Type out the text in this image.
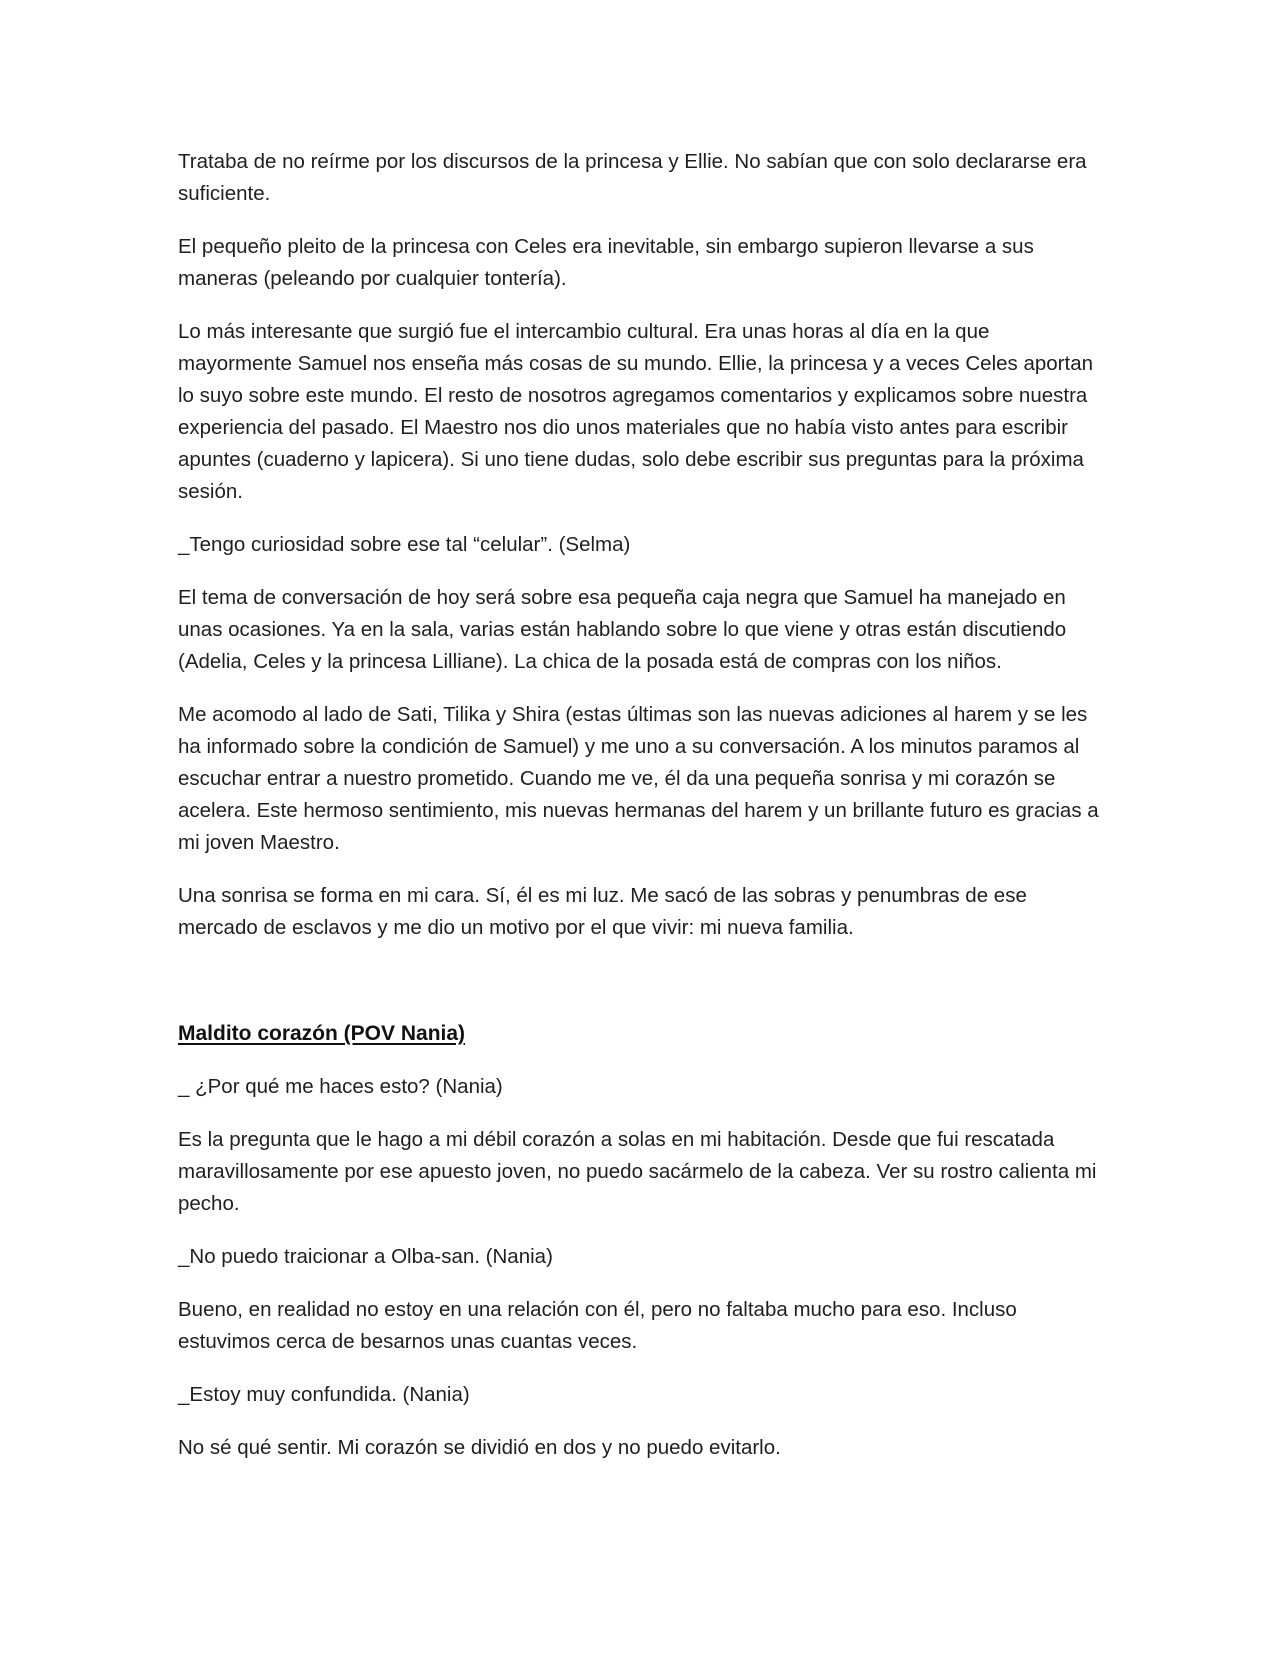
Trataba de no reírme por los discursos de la princesa y Ellie. No sabían que con solo declararse era suficiente.

El pequeño pleito de la princesa con Celes era inevitable, sin embargo supieron llevarse a sus maneras (peleando por cualquier tontería).

Lo más interesante que surgió fue el intercambio cultural. Era unas horas al día en la que mayormente Samuel nos enseña más cosas de su mundo. Ellie, la princesa y a veces Celes aportan lo suyo sobre este mundo. El resto de nosotros agregamos comentarios y explicamos sobre nuestra experiencia del pasado. El Maestro nos dio unos materiales que no había visto antes para escribir apuntes (cuaderno y lapicera). Si uno tiene dudas, solo debe escribir sus preguntas para la próxima sesión.

_Tengo curiosidad sobre ese tal “celular”. (Selma)

El tema de conversación de hoy será sobre esa pequeña caja negra que Samuel ha manejado en unas ocasiones. Ya en la sala, varias están hablando sobre lo que viene y otras están discutiendo (Adelia, Celes y la princesa Lilliane). La chica de la posada está de compras con los niños.

Me acomodo al lado de Sati, Tilika y Shira (estas últimas son las nuevas adiciones al harem y se les ha informado sobre la condición de Samuel) y me uno a su conversación. A los minutos paramos al escuchar entrar a nuestro prometido. Cuando me ve, él da una pequeña sonrisa y mi corazón se acelera. Este hermoso sentimiento, mis nuevas hermanas del harem y un brillante futuro es gracias a mi joven Maestro.

Una sonrisa se forma en mi cara. Sí, él es mi luz. Me sacó de las sobras y penumbras de ese mercado de esclavos y me dio un motivo por el que vivir: mi nueva familia.

Maldito corazón (POV Nania)

_ ¿Por qué me haces esto? (Nania)

Es la pregunta que le hago a mi débil corazón a solas en mi habitación. Desde que fui rescatada maravillosamente por ese apuesto joven, no puedo sacármelo de la cabeza. Ver su rostro calienta mi pecho.

_No puedo traicionar a Olba-san. (Nania)

Bueno, en realidad no estoy en una relación con él, pero no faltaba mucho para eso. Incluso estuvimos cerca de besarnos unas cuantas veces.

_Estoy muy confundida. (Nania)

No sé qué sentir. Mi corazón se dividió en dos y no puedo evitarlo.
